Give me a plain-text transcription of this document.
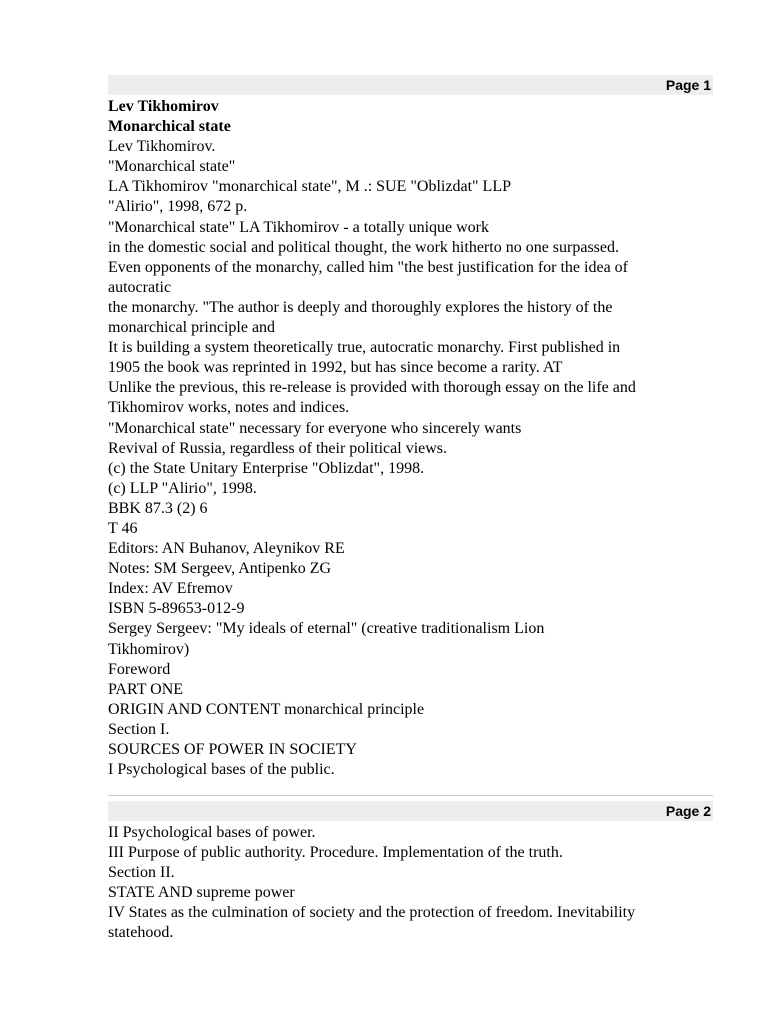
Page 1
Lev Tikhomirov
Monarchical state
Lev Tikhomirov.
"Monarchical state"
LA Tikhomirov "monarchical state", M .: SUE "Oblizdat" LLP
"Alirio", 1998, 672 p.
"Monarchical state" LA Tikhomirov - a totally unique work
in the domestic social and political thought, the work hitherto no one surpassed.
Even opponents of the monarchy, called him "the best justification for the idea of
autocratic
the monarchy. "The author is deeply and thoroughly explores the history of the
monarchical principle and
It is building a system theoretically true, autocratic monarchy. First published in
1905 the book was reprinted in 1992, but has since become a rarity. AT
Unlike the previous, this re-release is provided with thorough essay on the life and
Tikhomirov works, notes and indices.
"Monarchical state" necessary for everyone who sincerely wants
Revival of Russia, regardless of their political views.
(c) the State Unitary Enterprise "Oblizdat", 1998.
(c) LLP "Alirio", 1998.
BBK 87.3 (2) 6
T 46
Editors: AN Buhanov, Aleynikov RE
Notes: SM Sergeev, Antipenko ZG
Index: AV Efremov
ISBN 5-89653-012-9
Sergey Sergeev: "My ideals of eternal" (creative traditionalism Lion
Tikhomirov)
Foreword
PART ONE
ORIGIN AND CONTENT monarchical principle
Section I.
SOURCES OF POWER IN SOCIETY
I Psychological bases of the public.
Page 2
II Psychological bases of power.
III Purpose of public authority. Procedure. Implementation of the truth.
Section II.
STATE AND supreme power
IV States as the culmination of society and the protection of freedom. Inevitability
statehood.
